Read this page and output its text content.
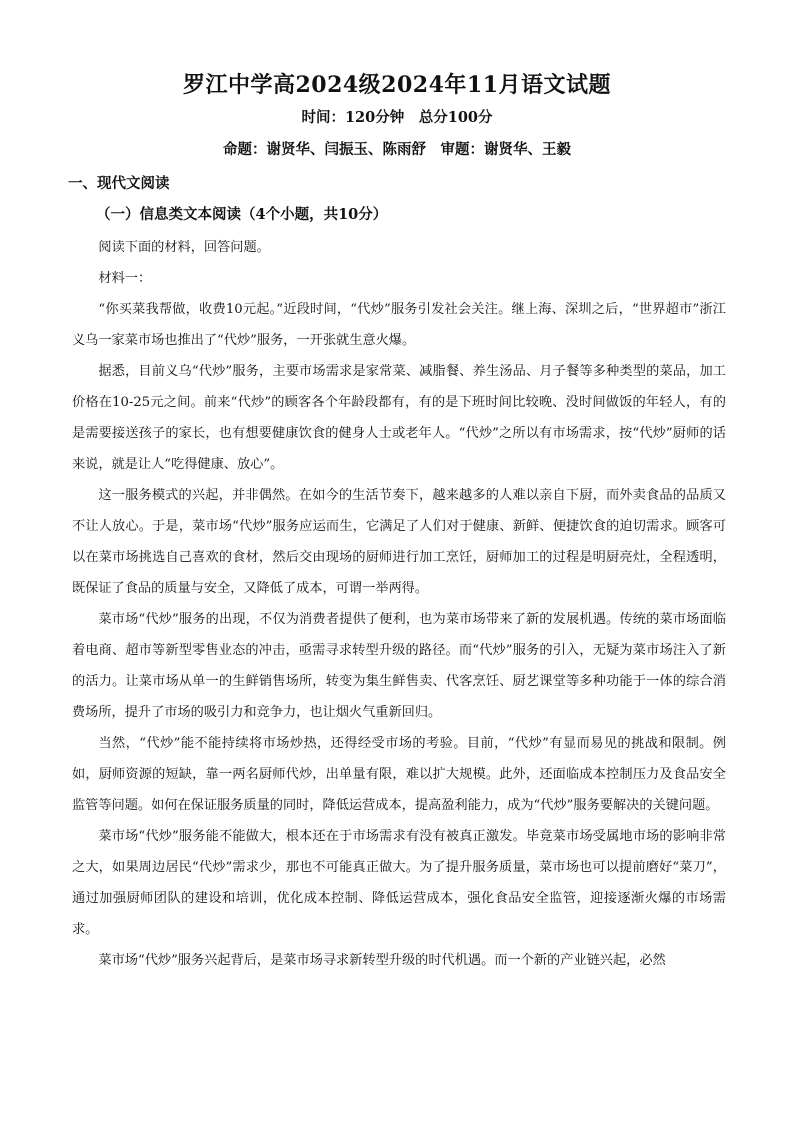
罗江中学高2024级2024年11月语文试题
时间：120分钟　总分100分
命题：谢贤华、闫振玉、陈雨舒　审题：谢贤华、王毅
一、现代文阅读
（一）信息类文本阅读（4个小题，共10分）

阅读下面的材料，回答问题。

材料一：

“你买菜我帮做，收费10元起。”近段时间，“代炒”服务引发社会关注。继上海、深圳之后，“世界超市”浙江义乌一家菜市场也推出了“代炒”服务，一开张就生意火爆。

据悉，目前义乌“代炒”服务，主要市场需求是家常菜、减脂餐、养生汤品、月子餐等多种类型的菜品，加工价格在10-25元之间。前来“代炒”的顾客各个年龄段都有，有的是下班时间比较晚、没时间做饭的年轻人，有的是需要接送孩子的家长，也有想要健康饮食的健身人士或老年人。“代炒”之所以有市场需求，按“代炒”厨师的话来说，就是让人“吃得健康、放心”。

这一服务模式的兴起，并非偶然。在如今的生活节奏下，越来越多的人难以亲自下厨，而外卖食品的品质又不让人放心。于是，菜市场“代炒”服务应运而生，它满足了人们对于健康、新鲜、便捷饮食的迫切需求。顾客可以在菜市场挑选自己喜欢的食材，然后交由现场的厨师进行加工烹饪，厨师加工的过程是明厨亮灶，全程透明，既保证了食品的质量与安全，又降低了成本，可谓一举两得。

菜市场“代炒”服务的出现，不仅为消费者提供了便利，也为菜市场带来了新的发展机遇。传统的菜市场面临着电商、超市等新型零售业态的冲击，亟需寻求转型升级的路径。而“代炒”服务的引入，无疑为菜市场注入了新的活力。让菜市场从单一的生鲜销售场所，转变为集生鲜售卖、代客烹饪、厨艺课堂等多种功能于一体的综合消费场所，提升了市场的吸引力和竞争力，也让烟火气重新回归。

当然，“代炒”能不能持续将市场炒热，还得经受市场的考验。目前，“代炒”有显而易见的挑战和限制。例如，厨师资源的短缺，靠一两名厨师代炒，出单量有限，难以扩大规模。此外，还面临成本控制压力及食品安全监管等问题。如何在保证服务质量的同时，降低运营成本，提高盈利能力，成为“代炒”服务要解决的关键问题。

菜市场“代炒”服务能不能做大，根本还在于市场需求有没有被真正激发。毕竟菜市场受属地市场的影响非常之大，如果周边居民“代炒”需求少，那也不可能真正做大。为了提升服务质量，菜市场也可以提前磨好“菜刀”，通过加强厨师团队的建设和培训，优化成本控制、降低运营成本，强化食品安全监管，迎接逐渐火爆的市场需求。

菜市场“代炒”服务兴起背后，是菜市场寻求新转型升级的时代机遇。而一个新的产业链兴起，必然
